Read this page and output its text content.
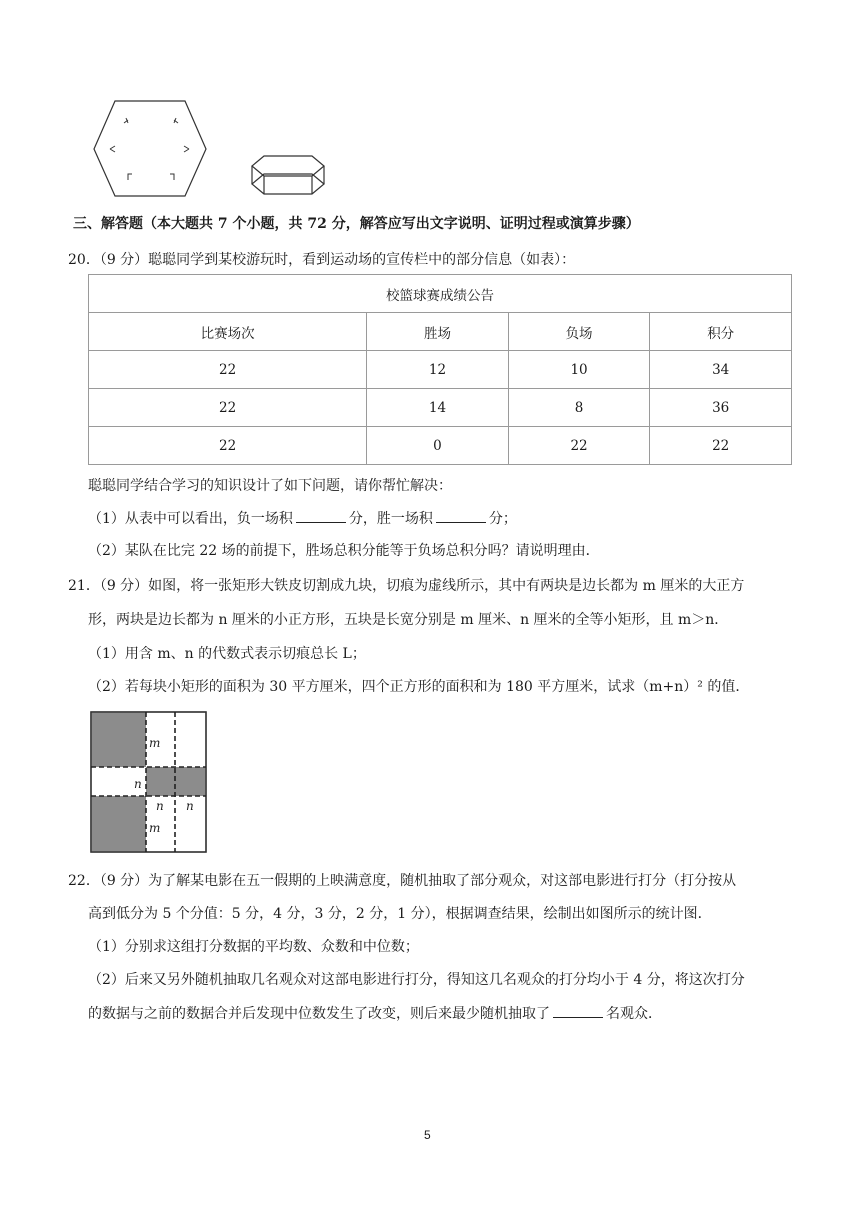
三、解答题（本大题共 7 个小题，共 72 分，解答应写出文字说明、证明过程或演算步骤）
20．（9 分）聪聪同学到某校游玩时，看到运动场的宣传栏中的部分信息（如表）：
校篮球赛成绩公告			
比赛场次	胜场	负场	积分
22	12	10	34
22	14	8	36
22	0	22	22
聪聪同学结合学习的知识设计了如下问题，请你帮忙解决：
（1）从表中可以看出，负一场积	分，胜一场积	分；
（2）某队在比完 22 场的前提下，胜场总积分能等于负场总积分吗？请说明理由．
21．（9 分）如图，将一张矩形大铁皮切割成九块，切痕为虚线所示，其中有两块是边长都为 m 厘米的大正方
形，两块是边长都为 n 厘米的小正方形，五块是长宽分别是 m 厘米、n 厘米的全等小矩形，且 m＞n．
（1）用含 m、n 的代数式表示切痕总长 L；
（2）若每块小矩形的面积为 30 平方厘米，四个正方形的面积和为 180 平方厘米，试求（m+n）² 的值．
m
n
n n
m
22．（9 分）为了解某电影在五一假期的上映满意度，随机抽取了部分观众，对这部电影进行打分（打分按从
高到低分为 5 个分值：5 分，4 分，3 分，2 分，1 分），根据调查结果，绘制出如图所示的统计图．
（1）分别求这组打分数据的平均数、众数和中位数；
（2）后来又另外随机抽取几名观众对这部电影进行打分，得知这几名观众的打分均小于 4 分，将这次打分
的数据与之前的数据合并后发现中位数发生了改变，则后来最少随机抽取了	名观众．
5
